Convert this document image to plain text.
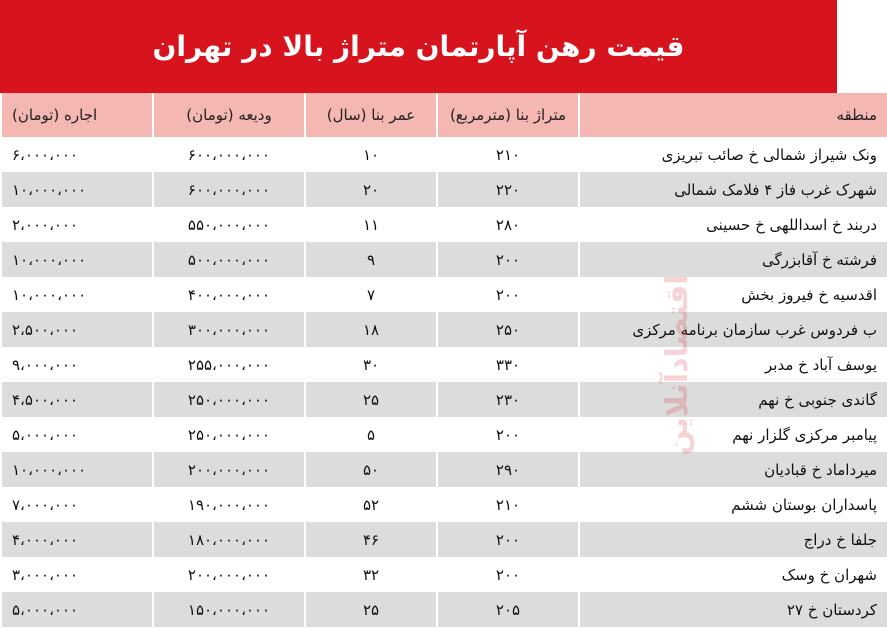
قیمت رهن آپارتمان متراژ بالا در تهران
منطقه	متراژ بنا (مترمربع)	عمر بنا (سال)	ودیعه (تومان)	اجاره (تومان)
ونک شیراز شمالی خ صائب تبریزی	۲۱۰	۱۰	۶۰۰،۰۰۰،۰۰۰	۶،۰۰۰،۰۰۰
شهرک غرب فاز ۴ فلامک شمالی	۲۲۰	۲۰	۶۰۰،۰۰۰،۰۰۰	۱۰،۰۰۰،۰۰۰
دربند خ اسداللهی خ حسینی	۲۸۰	۱۱	۵۵۰،۰۰۰،۰۰۰	۲،۰۰۰،۰۰۰
فرشته خ آقابزرگی	۲۰۰	۹	۵۰۰،۰۰۰،۰۰۰	۱۰،۰۰۰،۰۰۰
اقدسیه خ فیروز بخش	۲۰۰	۷	۴۰۰،۰۰۰،۰۰۰	۱۰،۰۰۰،۰۰۰
ب فردوس غرب سازمان برنامه مرکزی	۲۵۰	۱۸	۳۰۰،۰۰۰،۰۰۰	۲،۵۰۰،۰۰۰
یوسف آباد خ مدبر	۳۳۰	۳۰	۲۵۵،۰۰۰،۰۰۰	۹،۰۰۰،۰۰۰
گاندی جنوبی خ نهم	۲۳۰	۲۵	۲۵۰،۰۰۰،۰۰۰	۴،۵۰۰،۰۰۰
پیامبر مرکزی گلزار نهم	۲۰۰	۵	۲۵۰،۰۰۰،۰۰۰	۵،۰۰۰،۰۰۰
میرداماد خ قبادیان	۲۹۰	۵۰	۲۰۰،۰۰۰،۰۰۰	۱۰،۰۰۰،۰۰۰
پاسداران بوستان ششم	۲۱۰	۵۲	۱۹۰،۰۰۰،۰۰۰	۷،۰۰۰،۰۰۰
جلفا خ دراج	۲۰۰	۴۶	۱۸۰،۰۰۰،۰۰۰	۴،۰۰۰،۰۰۰
شهران خ وسک	۲۰۰	۳۲	۲۰۰،۰۰۰،۰۰۰	۳،۰۰۰،۰۰۰
کردستان خ ۲۷	۲۰۵	۲۵	۱۵۰،۰۰۰،۰۰۰	۵،۰۰۰،۰۰۰
